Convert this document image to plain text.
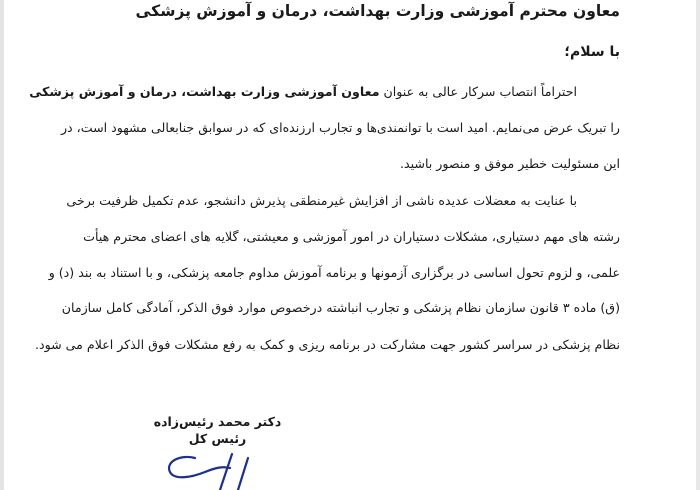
معاون محترم آموزشی وزارت بهداشت، درمان و آموزش پزشکی
با سلام؛
احتراماً انتصاب سرکار عالی به عنوان معاون آموزشی وزارت بهداشت، درمان و آموزش پزشکی
را تبریک عرض می‌نمایم. امید است با توانمندی‌ها و تجارب ارزنده‌ای که در سوابق جنابعالی مشهود است، در
این مسئولیت خطیر موفق و منصور باشید.
با عنایت به معضلات عدیده ناشی از افزایش غیرمنطقی پذیرش دانشجو، عدم تکمیل ظرفیت برخی
رشته های مهم دستیاری، مشکلات دستیاران در امور آموزشی و معیشتی، گلایه های اعضای محترم هیأت
علمی، و لزوم تحول اساسی در برگزاری آزمونها و برنامه آموزش مداوم جامعه پزشکی، و با استناد به بند (د) و
(ق) ماده ۳ قانون سازمان نظام پزشکی و تجارب انباشته درخصوص موارد فوق الذکر، آمادگی کامل سازمان
نظام پزشکی در سراسر کشور جهت مشارکت در برنامه ریزی و کمک به رفع مشکلات فوق الذکر اعلام می شود.
دکتر محمد رئیس‌زاده
رئیس کل
